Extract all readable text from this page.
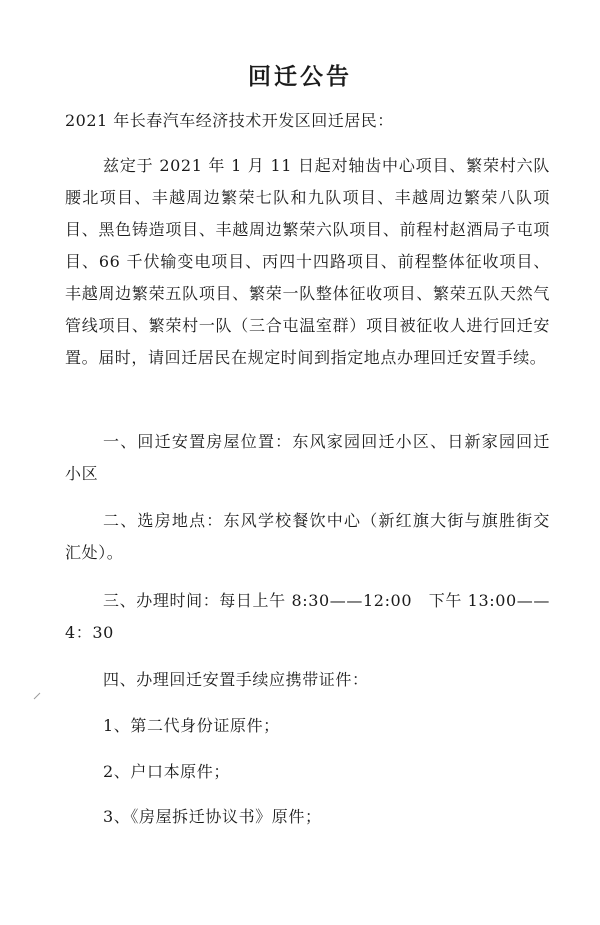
回迁公告
2021 年长春汽车经济技术开发区回迁居民：
兹定于 2021 年 1 月 11 日起对轴齿中心项目、繁荣村六队腰北项目、丰越周边繁荣七队和九队项目、丰越周边繁荣八队项目、黑色铸造项目、丰越周边繁荣六队项目、前程村赵酒局子屯项目、66 千伏输变电项目、丙四十四路项目、前程整体征收项目、丰越周边繁荣五队项目、繁荣一队整体征收项目、繁荣五队天然气管线项目、繁荣村一队（三合屯温室群）项目被征收人进行回迁安置。届时，请回迁居民在规定时间到指定地点办理回迁安置手续。
一、回迁安置房屋位置：东风家园回迁小区、日新家园回迁小区
二、选房地点：东风学校餐饮中心（新红旗大街与旗胜街交汇处）。
三、办理时间：每日上午 8:30——12:00　下午 13:00——4：30
四、办理回迁安置手续应携带证件：
1、第二代身份证原件；
2、户口本原件；
3、《房屋拆迁协议书》原件；
